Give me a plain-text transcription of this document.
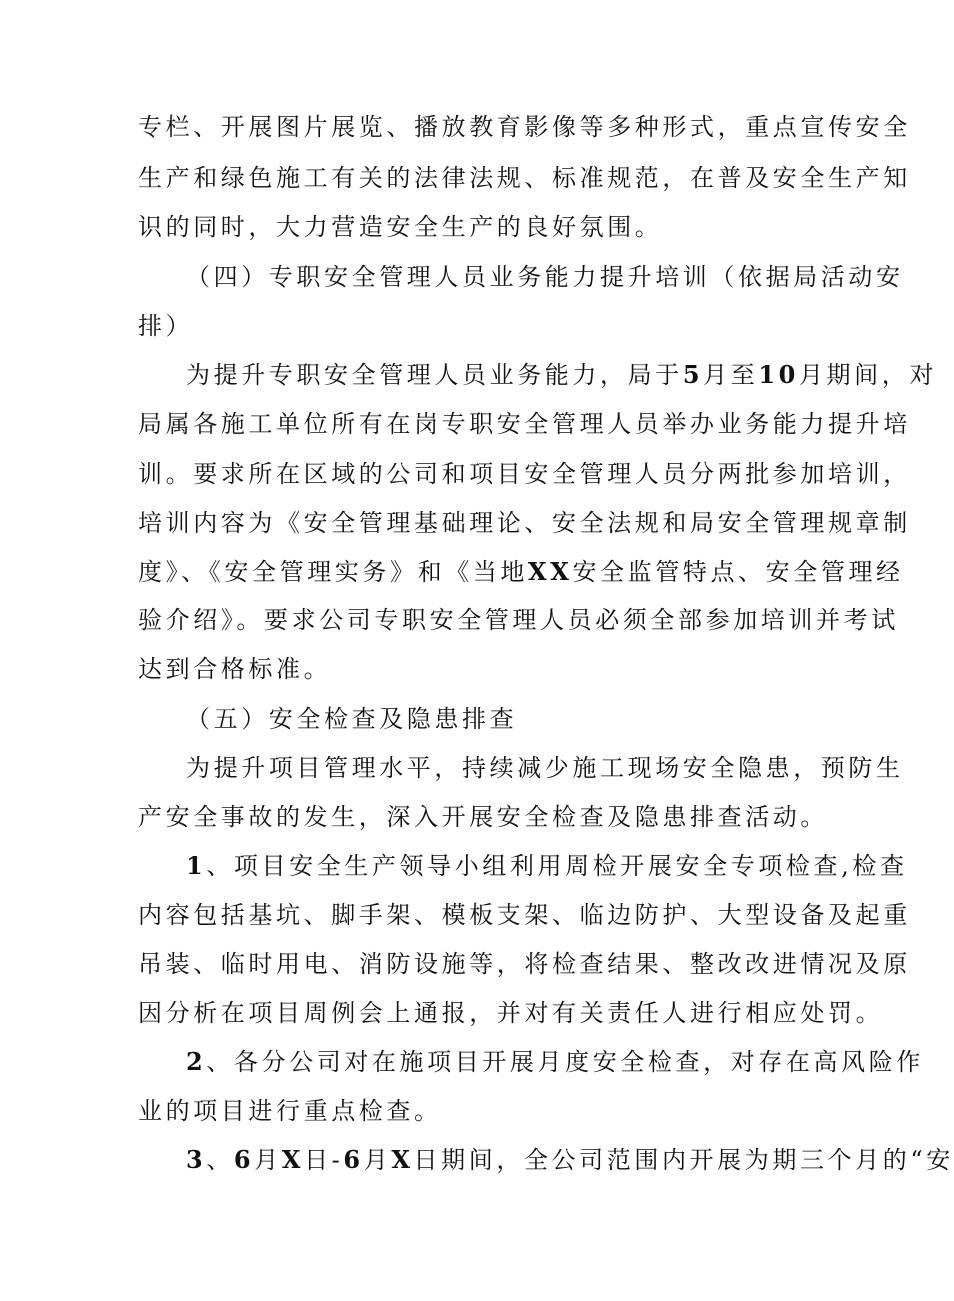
专栏、开展图片展览、播放教育影像等多种形式，重点宣传安全
生产和绿色施工有关的法律法规、标准规范，在普及安全生产知
识的同时，大力营造安全生产的良好氛围。
（四）专职安全管理人员业务能力提升培训（依据局活动安
排）
为提升专职安全管理人员业务能力，局于5月至10月期间，对
局属各施工单位所有在岗专职安全管理人员举办业务能力提升培
训。要求所在区域的公司和项目安全管理人员分两批参加培训，
培训内容为《安全管理基础理论、安全法规和局安全管理规章制
度》、《安全管理实务》和《当地XX安全监管特点、安全管理经
验介绍》。要求公司专职安全管理人员必须全部参加培训并考试
达到合格标准。
（五）安全检查及隐患排查
为提升项目管理水平，持续减少施工现场安全隐患，预防生
产安全事故的发生，深入开展安全检查及隐患排查活动。
1、项目安全生产领导小组利用周检开展安全专项检查,检查
内容包括基坑、脚手架、模板支架、临边防护、大型设备及起重
吊装、临时用电、消防设施等，将检查结果、整改改进情况及原
因分析在项目周例会上通报，并对有关责任人进行相应处罚。
2、各分公司对在施项目开展月度安全检查，对存在高风险作
业的项目进行重点检查。
3、6月X日-6月X日期间，全公司范围内开展为期三个月的“安
